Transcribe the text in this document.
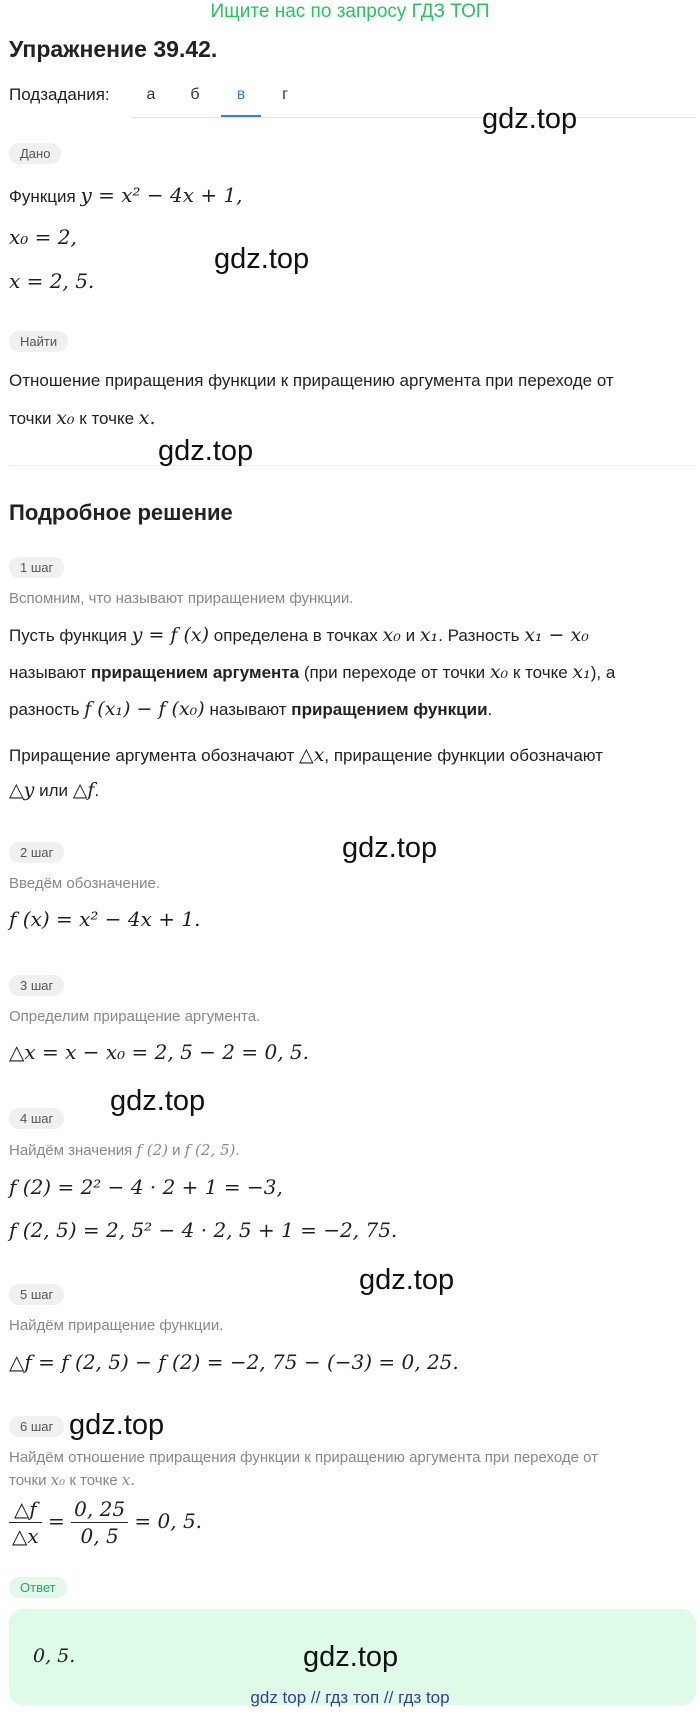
Ищите нас по запросу ГДЗ ТОП
Упражнение 39.42.
Подзадания:	а	б	в	г
Дано
Функция y = x² − 4x + 1,
x₀ = 2,
x = 2, 5.
Найти
Отношение приращения функции к приращению аргумента при переходе от
точки x₀ к точке x.
Подробное решение
1 шаг
Вспомним, что называют приращением функции.
Пусть функция y = f (x) определена в точках x₀ и x₁. Разность x₁ − x₀
называют приращением аргумента (при переходе от точки x₀ к точке x₁), а
разность f (x₁) − f (x₀) называют приращением функции.
Приращение аргумента обозначают △x, приращение функции обозначают
△y или △f.
2 шаг
Введём обозначение.
f (x) = x² − 4x + 1.
3 шаг
Определим приращение аргумента.
△x = x − x₀ = 2, 5 − 2 = 0, 5.
4 шаг
Найдём значения f (2) и f (2, 5).
f (2) = 2² − 4 · 2 + 1 = −3,
f (2, 5) = 2, 5² − 4 · 2, 5 + 1 = −2, 75.
5 шаг
Найдём приращение функции.
△f = f (2, 5) − f (2) = −2, 75 − (−3) = 0, 25.
6 шаг
Найдём отношение приращения функции к приращению аргумента при переходе от
точки x₀ к точке x.
$\frac{\triangle f}{\triangle x} = \frac{0, 25}{0, 5} = 0$, 5.
Ответ
0, 5.
gdz.top
gdz.top
gdz.top
gdz.top
gdz.top
gdz.top
gdz.top
gdz.top
gdz top // гдз топ // гдз top
